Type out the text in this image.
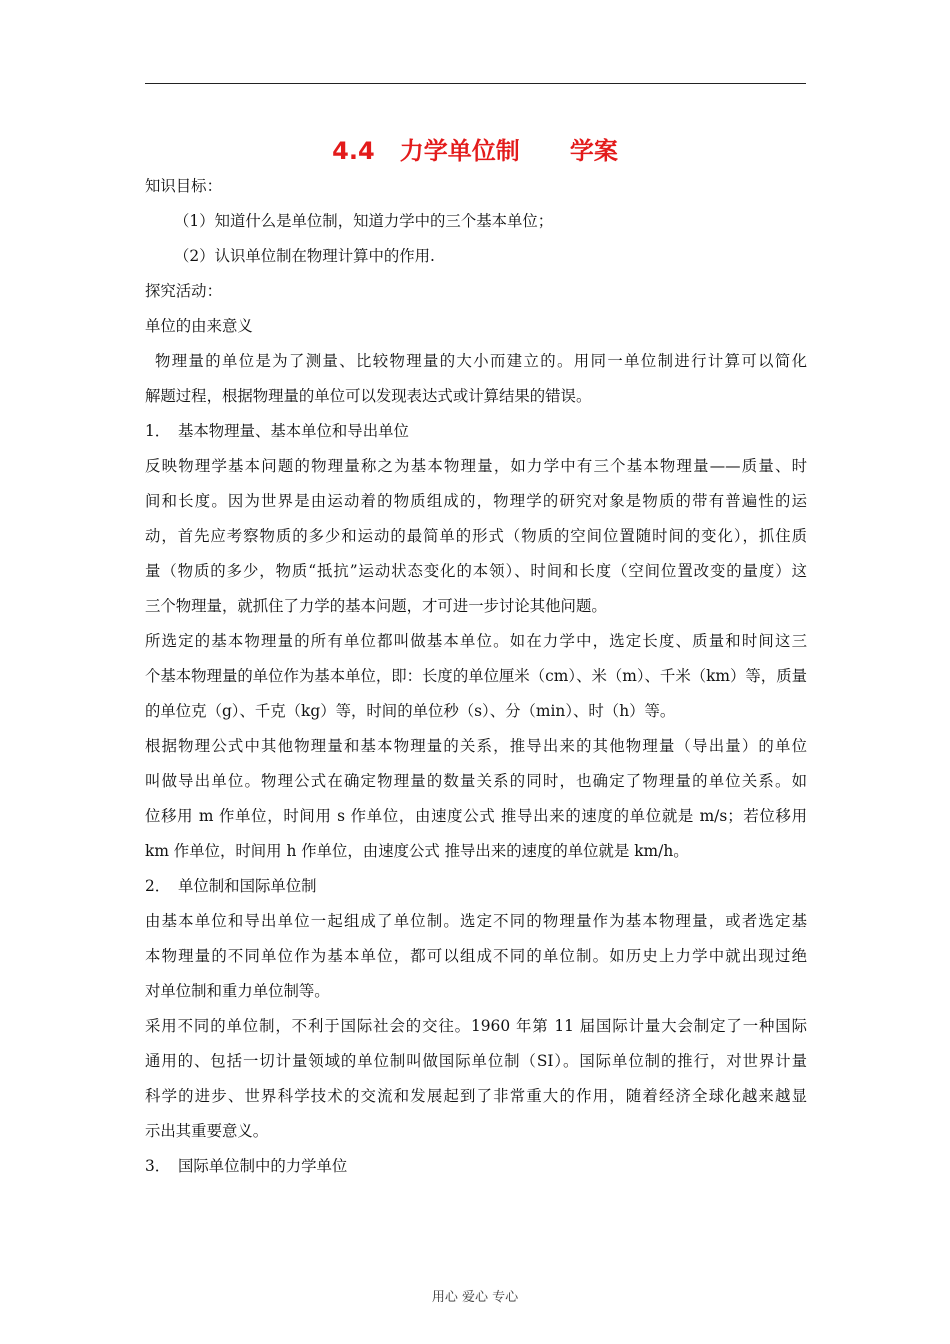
4.4   力学单位制      学案
知识目标：
（1）知道什么是单位制，知道力学中的三个基本单位；
（2）认识单位制在物理计算中的作用.
探究活动：
单位的由来意义
物理量的单位是为了测量、比较物理量的大小而建立的。用同一单位制进行计算可以简化
解题过程，根据物理量的单位可以发现表达式或计算结果的错误。
1． 基本物理量、基本单位和导出单位
反映物理学基本问题的物理量称之为基本物理量，如力学中有三个基本物理量——质量、时
间和长度。因为世界是由运动着的物质组成的，物理学的研究对象是物质的带有普遍性的运
动，首先应考察物质的多少和运动的最简单的形式（物质的空间位置随时间的变化），抓住质
量（物质的多少，物质“抵抗”运动状态变化的本领）、时间和长度（空间位置改变的量度）这
三个物理量，就抓住了力学的基本问题，才可进一步讨论其他问题。
所选定的基本物理量的所有单位都叫做基本单位。如在力学中，选定长度、质量和时间这三
个基本物理量的单位作为基本单位，即：长度的单位厘米（cm）、米（m）、千米（km）等，质量
的单位克（g）、千克（kg）等，时间的单位秒（s）、分（min）、时（h）等。
根据物理公式中其他物理量和基本物理量的关系，推导出来的其他物理量（导出量）的单位
叫做导出单位。物理公式在确定物理量的数量关系的同时，也确定了物理量的单位关系。如
位移用 m 作单位，时间用 s 作单位，由速度公式 推导出来的速度的单位就是 m/s；若位移用
km 作单位，时间用 h 作单位，由速度公式 推导出来的速度的单位就是 km/h。
2． 单位制和国际单位制
由基本单位和导出单位一起组成了单位制。选定不同的物理量作为基本物理量，或者选定基
本物理量的不同单位作为基本单位，都可以组成不同的单位制。如历史上力学中就出现过绝
对单位制和重力单位制等。
采用不同的单位制，不利于国际社会的交往。1960 年第 11 届国际计量大会制定了一种国际
通用的、包括一切计量领域的单位制叫做国际单位制（SI）。国际单位制的推行，对世界计量
科学的进步、世界科学技术的交流和发展起到了非常重大的作用，随着经济全球化越来越显
示出其重要意义。
3． 国际单位制中的力学单位
用心 爱心 专心
